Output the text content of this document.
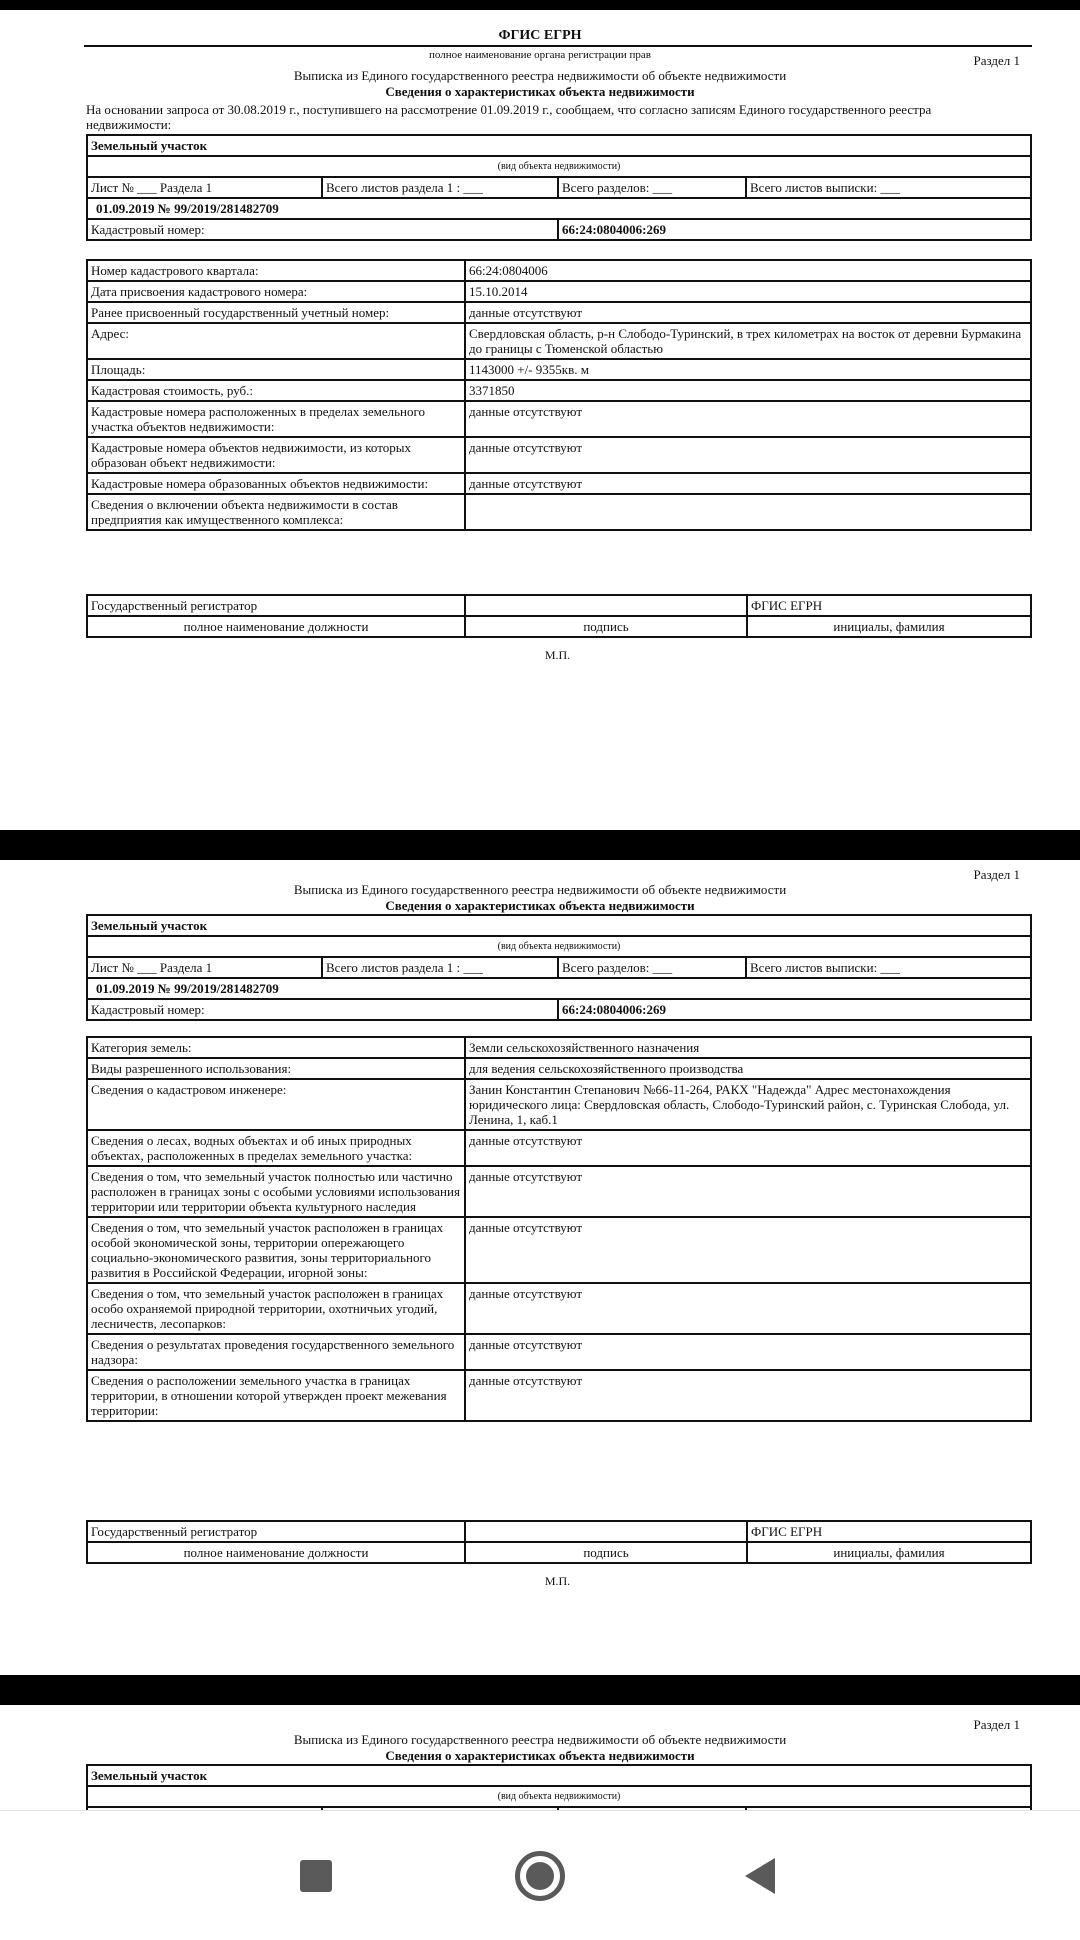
ФГИС ЕГРН
полное наименование органа регистрации прав	Раздел 1
Выписка из Единого государственного реестра недвижимости об объекте недвижимости
Сведения о характеристиках объекта недвижимости
На основании запроса от 30.08.2019 г., поступившего на рассмотрение 01.09.2019 г., сообщаем, что согласно записям Единого государственного реестра недвижимости:
Земельный участок			
(вид объекта недвижимости)			
Лист № ___ Раздела 1	Всего листов раздела 1 : ___	Всего разделов: ___	Всего листов выписки: ___
01.09.2019 № 99/2019/281482709			
Кадастровый номер:		66:24:0804006:269	
Номер кадастрового квартала:	66:24:0804006
Дата присвоения кадастрового номера:	15.10.2014
Ранее присвоенный государственный учетный номер:	данные отсутствуют
Адрес:	Свердловская область, р-н Слободо-Туринский, в трех километрах на восток от деревни Бурмакина до границы с Тюменской областью
Площадь:	1143000 +/- 9355кв. м
Кадастровая стоимость, руб.:	3371850
Кадастровые номера расположенных в пределах земельного участка объектов недвижимости:	данные отсутствуют
Кадастровые номера объектов недвижимости, из которых образован объект недвижимости:	данные отсутствуют
Кадастровые номера образованных объектов недвижимости:	данные отсутствуют
Сведения о включении объекта недвижимости в состав предприятия как имущественного комплекса:	
Государственный регистратор		ФГИС ЕГРН
полное наименование должности	подпись	инициалы, фамилия
М.П.
Раздел 1
Выписка из Единого государственного реестра недвижимости об объекте недвижимости
Сведения о характеристиках объекта недвижимости
Земельный участок			
(вид объекта недвижимости)			
Лист № ___ Раздела 1	Всего листов раздела 1 : ___	Всего разделов: ___	Всего листов выписки: ___
01.09.2019 № 99/2019/281482709			
Кадастровый номер:		66:24:0804006:269	
Категория земель:	Земли сельскохозяйственного назначения
Виды разрешенного использования:	для ведения сельскохозяйственного производства
Сведения о кадастровом инженере:	Занин Константин Степанович №66-11-264, РАКХ "Надежда" Адрес местонахождения юридического лица: Свердловская область, Слободо-Туринский район, с. Туринская Слобода, ул. Ленина, 1, каб.1
Сведения о лесах, водных объектах и об иных природных объектах, расположенных в пределах земельного участка:	данные отсутствуют
Сведения о том, что земельный участок полностью или частично расположен в границах зоны с особыми условиями использования территории или территории объекта культурного наследия	данные отсутствуют
Сведения о том, что земельный участок расположен в границах особой экономической зоны, территории опережающего социально-экономического развития, зоны территориального развития в Российской Федерации, игорной зоны:	данные отсутствуют
Сведения о том, что земельный участок расположен в границах особо охраняемой природной территории, охотничьих угодий, лесничеств, лесопарков:	данные отсутствуют
Сведения о результатах проведения государственного земельного надзора:	данные отсутствуют
Сведения о расположении земельного участка в границах территории, в отношении которой утвержден проект межевания территории:	данные отсутствуют
Государственный регистратор		ФГИС ЕГРН
полное наименование должности	подпись	инициалы, фамилия
М.П.
Раздел 1
Выписка из Единого государственного реестра недвижимости об объекте недвижимости
Сведения о характеристиках объекта недвижимости
Земельный участок
(вид объекта недвижимости)
